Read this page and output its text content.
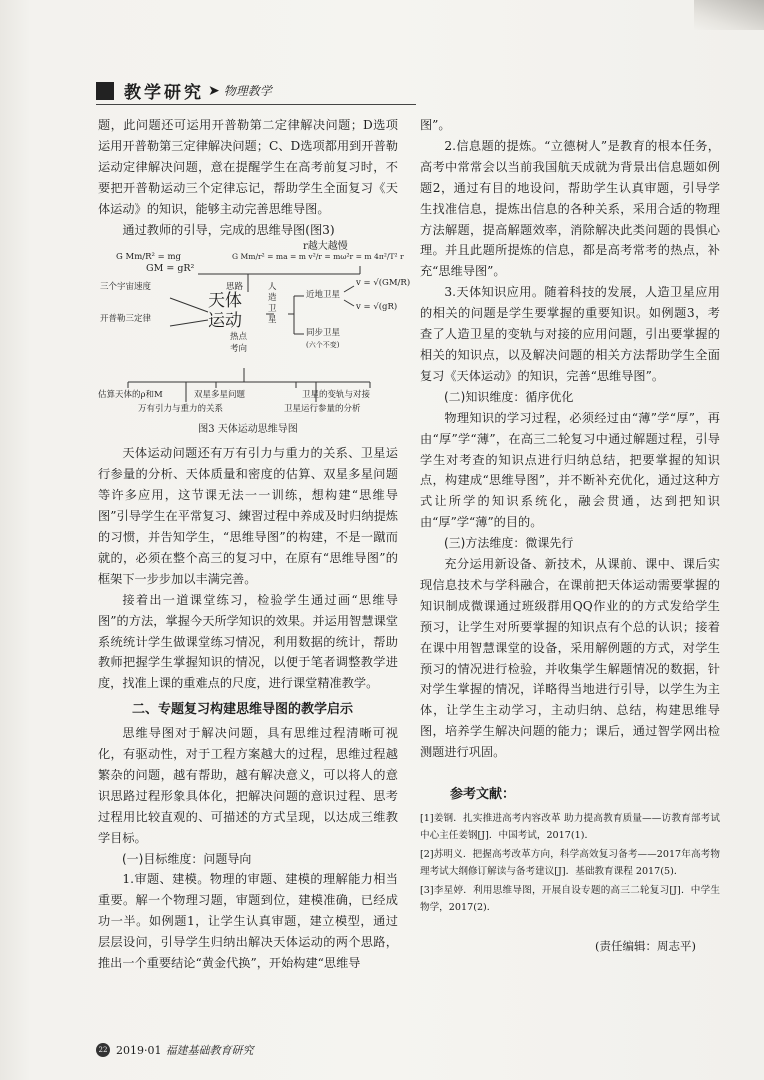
教学研究 ➤ 物理教学

题，此问题还可运用开普勒第二定律解决问题；D选项运用开普勒第三定律解决问题；C、D选项都用到开普勒运动定律解决问题，意在提醒学生在高考前复习时，不要把开普勒运动三个定律忘记，帮助学生全面复习《天体运动》的知识，能够主动完善思维导图。

通过教师的引导，完成的思维导图(图3)

r越大越慢
G Mm/R² = mg
GM = gR²
G Mm/r² = ma = m v²/r = mω²r = m 4π²/T² r
三个宇宙速度
开普勒三定律
天体
运动
思路
热点
考向
人造卫星
近地卫星
v = √(GM/R)
v = √(gR)
同步卫星
(六个不变)
估算天体的ρ和M	双星多星问题	卫星的变轨与对接
万有引力与重力的关系	卫星运行参量的分析

图3 天体运动思维导图

天体运动问题还有万有引力与重力的关系、卫星运行参量的分析、天体质量和密度的估算、双星多星问题等许多应用，这节课无法一一训练，想构建“思维导图”引导学生在平常复习、練習过程中养成及时归纳提炼的习惯，并告知学生，“思维导图”的构建，不是一蹴而就的，必须在整个高三的复习中，在原有“思维导图”的框架下一步步加以丰满完善。

接着出一道课堂练习，检验学生通过画“思维导图”的方法，掌握今天所学知识的效果。并运用智慧课堂系统统计学生做课堂练习情况，利用数据的统计，帮助教师把握学生掌握知识的情况，以便于笔者调整教学进度，找准上课的重难点的尺度，进行课堂精准教学。

二、专题复习构建思维导图的教学启示

思维导图对于解决问题，具有思维过程清晰可视化，有驱动性，对于工程方案越大的过程，思维过程越繁杂的问题，越有帮助，越有解决意义，可以将人的意识思路过程形象具体化，把解决问题的意识过程、思考过程用比较直观的、可描述的方式呈现，以达成三维教学目标。

(一)目标维度：问题导向

1.审题、建模。物理的审题、建模的理解能力相当重要。解一个物理习题，审题到位，建模准确，已经成功一半。如例题1，让学生认真审题，建立模型，通过层层设问，引导学生归纳出解决天体运动的两个思路，推出一个重要结论“黄金代换”，开始构建“思维导

图”。

2.信息题的提炼。“立德树人”是教育的根本任务，高考中常常会以当前我国航天成就为背景出信息题如例题2，通过有目的地设问，帮助学生认真审题，引导学生找准信息，提炼出信息的各种关系，采用合适的物理方法解题，提高解题效率，消除解决此类问题的畏惧心理。并且此题所提炼的信息，都是高考常考的热点，补充“思维导图”。

3.天体知识应用。随着科技的发展，人造卫星应用的相关的问题是学生要掌握的重要知识。如例题3，考查了人造卫星的变轨与对接的应用问题，引出要掌握的相关的知识点，以及解决问题的相关方法帮助学生全面复习《天体运动》的知识，完善“思维导图”。

(二)知识维度：循序优化

物理知识的学习过程，必须经过由“薄”学“厚”，再由“厚”学“薄”，在高三二轮复习中通过解题过程，引导学生对考查的知识点进行归纳总结，把要掌握的知识点，构建成“思维导图”，并不断补充优化，通过这种方式让所学的知识系统化，融会贯通，达到把知识由“厚”学“薄”的目的。

(三)方法维度：微课先行

充分运用新设备、新技术，从课前、课中、课后实现信息技术与学科融合，在课前把天体运动需要掌握的知识制成微课通过班级群用QQ作业的的方式发给学生预习，让学生对所要掌握的知识点有个总的认识；接着在课中用智慧课堂的设备，采用解例题的方式，对学生预习的情况进行检验，并收集学生解题情况的数据，针对学生掌握的情况，详略得当地进行引导，以学生为主体，让学生主动学习，主动归纳、总结，构建思维导图，培养学生解决问题的能力；课后，通过智学网出检测题进行巩固。

参考文献：

[1]姜钢．扎实推进高考内容改革 助力提高教育质量——访教育部考试中心主任姜钢[J]．中国考试，2017(1)．

[2]苏明义．把握高考改革方向，科学高效复习备考——2017年高考物理考试大纲修订解读与备考建议[J]．基础教育课程 2017(5)．

[3]李星婷．利用思维导图，开展自设专题的高三二轮复习[J]．中学生物学，2017(2)．

(责任编辑：周志平)

22 2019·01 福建基础教育研究
